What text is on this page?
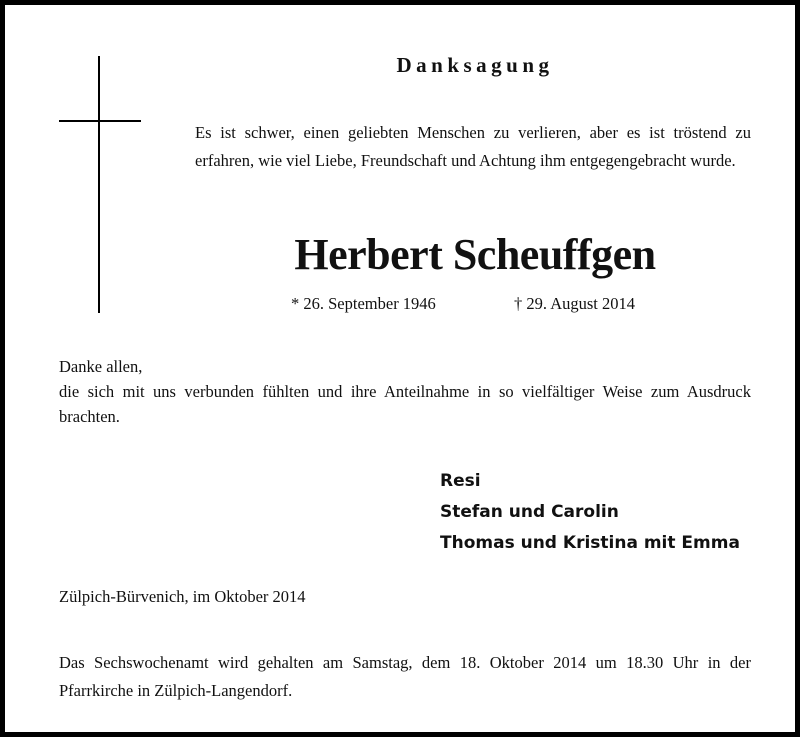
Danksagung
Es ist schwer, einen geliebten Menschen zu verlieren, aber es ist tröstend zu erfahren, wie viel Liebe, Freundschaft und Achtung ihm entgegengebracht wurde.
Herbert Scheuffgen
* 26. September 1946	† 29. August 2014
Danke allen,
die sich mit uns verbunden fühlten und ihre Anteilnahme in so vielfältiger Weise zum Ausdruck brachten.
Resi
Stefan und Carolin
Thomas und Kristina mit Emma
Zülpich-Bürvenich, im Oktober 2014
Das Sechswochenamt wird gehalten am Samstag, dem 18. Oktober 2014 um 18.30 Uhr in der Pfarrkirche in Zülpich-Langendorf.
